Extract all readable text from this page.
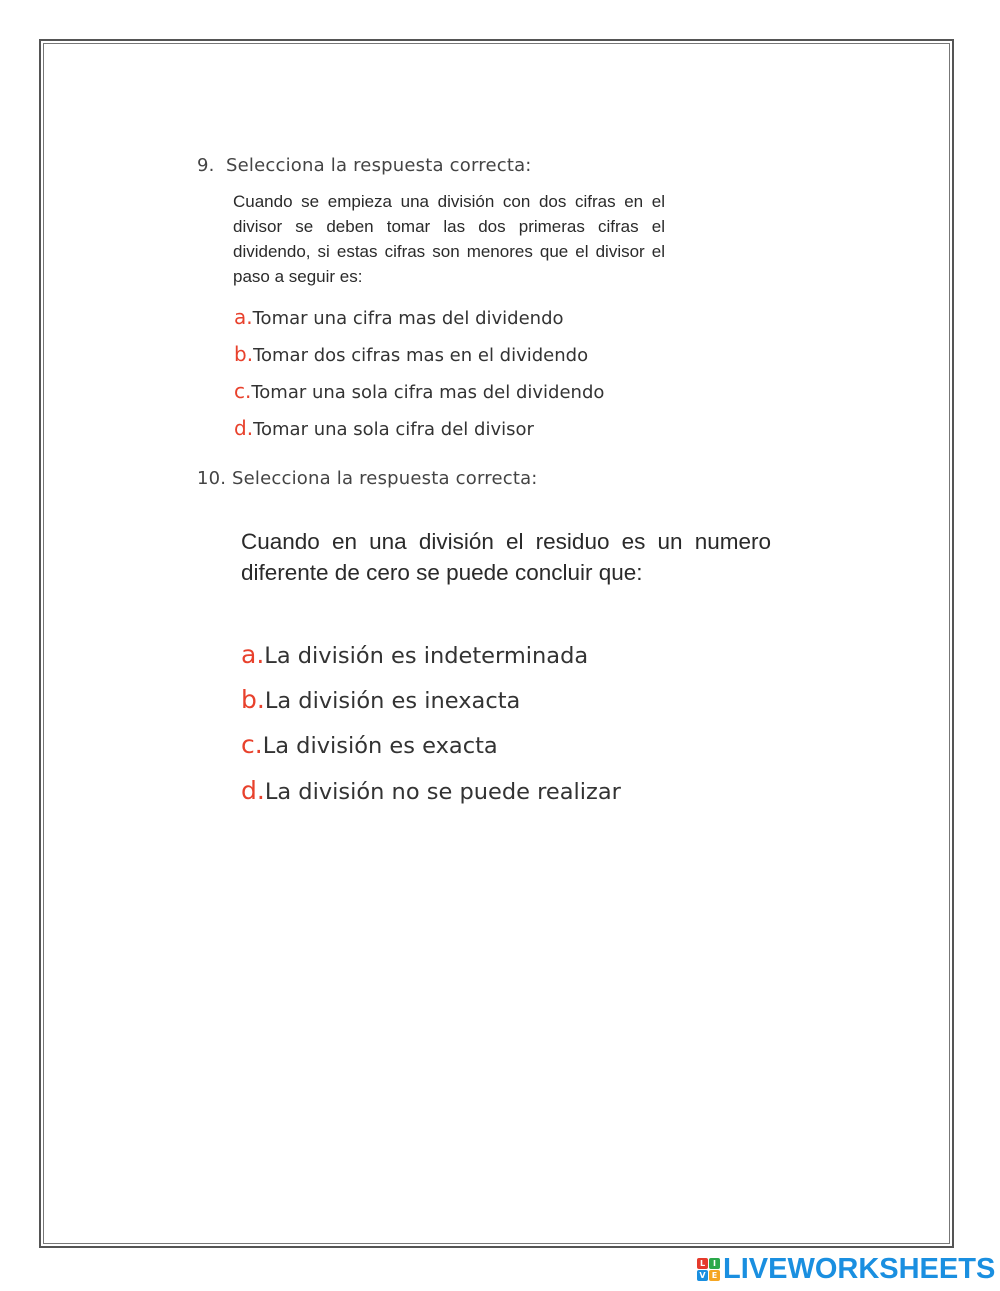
9. Selecciona la respuesta correcta:
Cuando se empieza una división con dos cifras en el divisor se deben tomar las dos primeras cifras el dividendo, si estas cifras son menores que el divisor el paso a seguir es:
a.Tomar una cifra mas del dividendo
b.Tomar dos cifras mas en el dividendo
c.Tomar una sola cifra mas del dividendo
d.Tomar una sola cifra del divisor
10. Selecciona la respuesta correcta:
Cuando en una división el residuo es un numero diferente de cero se puede concluir que:
a.La división es indeterminada
b.La división es inexacta
c.La división es exacta
d.La división no se puede realizar
L I
V E LIVEWORKSHEETS
